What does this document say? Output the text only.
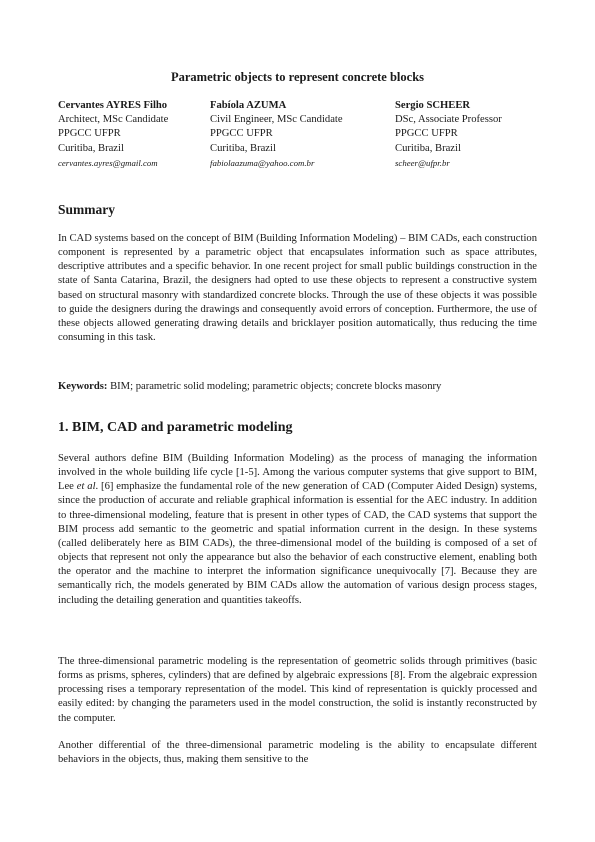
Parametric objects to represent concrete blocks
Cervantes AYRES Filho
Architect, MSc Candidate
PPGCC UFPR
Curitiba, Brazil
cervantes.ayres@gmail.com
Fabíola AZUMA
Civil Engineer, MSc Candidate
PPGCC UFPR
Curitiba, Brazil
fabiolaazuma@yahoo.com.br
Sergio SCHEER
DSc, Associate Professor
PPGCC UFPR
Curitiba, Brazil
scheer@ufpr.br
Summary

In CAD systems based on the concept of BIM (Building Information Modeling) – BIM CADs, each construction component is represented by a parametric object that encapsulates information such as space attributes, descriptive attributes and a specific behavior. In one recent project for small public buildings construction in the state of Santa Catarina, Brazil, the designers had opted to use these objects to represent a constructive system based on structural masonry with standardized concrete blocks. Through the use of these objects it was possible to guide the designers during the drawings and consequently avoid errors of conception. Furthermore, the use of these objects allowed generating drawing details and bricklayer position automatically, thus reducing the time consuming in this task.

Keywords: BIM; parametric solid modeling; parametric objects; concrete blocks masonry

1. BIM, CAD and parametric modeling

Several authors define BIM (Building Information Modeling) as the process of managing the information involved in the whole building life cycle [1-5]. Among the various computer systems that give support to BIM, Lee et al. [6] emphasize the fundamental role of the new generation of CAD (Computer Aided Design) systems, since the production of accurate and reliable graphical information is essential for the AEC industry. In addition to three-dimensional modeling, feature that is present in other types of CAD, the CAD systems that support the BIM process add semantic to the geometric and spatial information current in the design. In these systems (called deliberately here as BIM CADs), the three-dimensional model of the building is composed of a set of objects that represent not only the appearance but also the behavior of each constructive element, enabling both the operator and the machine to interpret the information significance unequivocally [7]. Because they are semantically rich, the models generated by BIM CADs allow the automation of various design process stages, including the detailing generation and quantities takeoffs.

The three-dimensional parametric modeling is the representation of geometric solids through primitives (basic forms as prisms, spheres, cylinders) that are defined by algebraic expressions [8]. From the algebraic expression processing rises a temporary representation of the model. This kind of representation is quickly processed and easily edited: by changing the parameters used in the model construction, the solid is instantly reconstructed by the computer.

Another differential of the three-dimensional parametric modeling is the ability to encapsulate different behaviors in the objects, thus, making them sensitive to the
